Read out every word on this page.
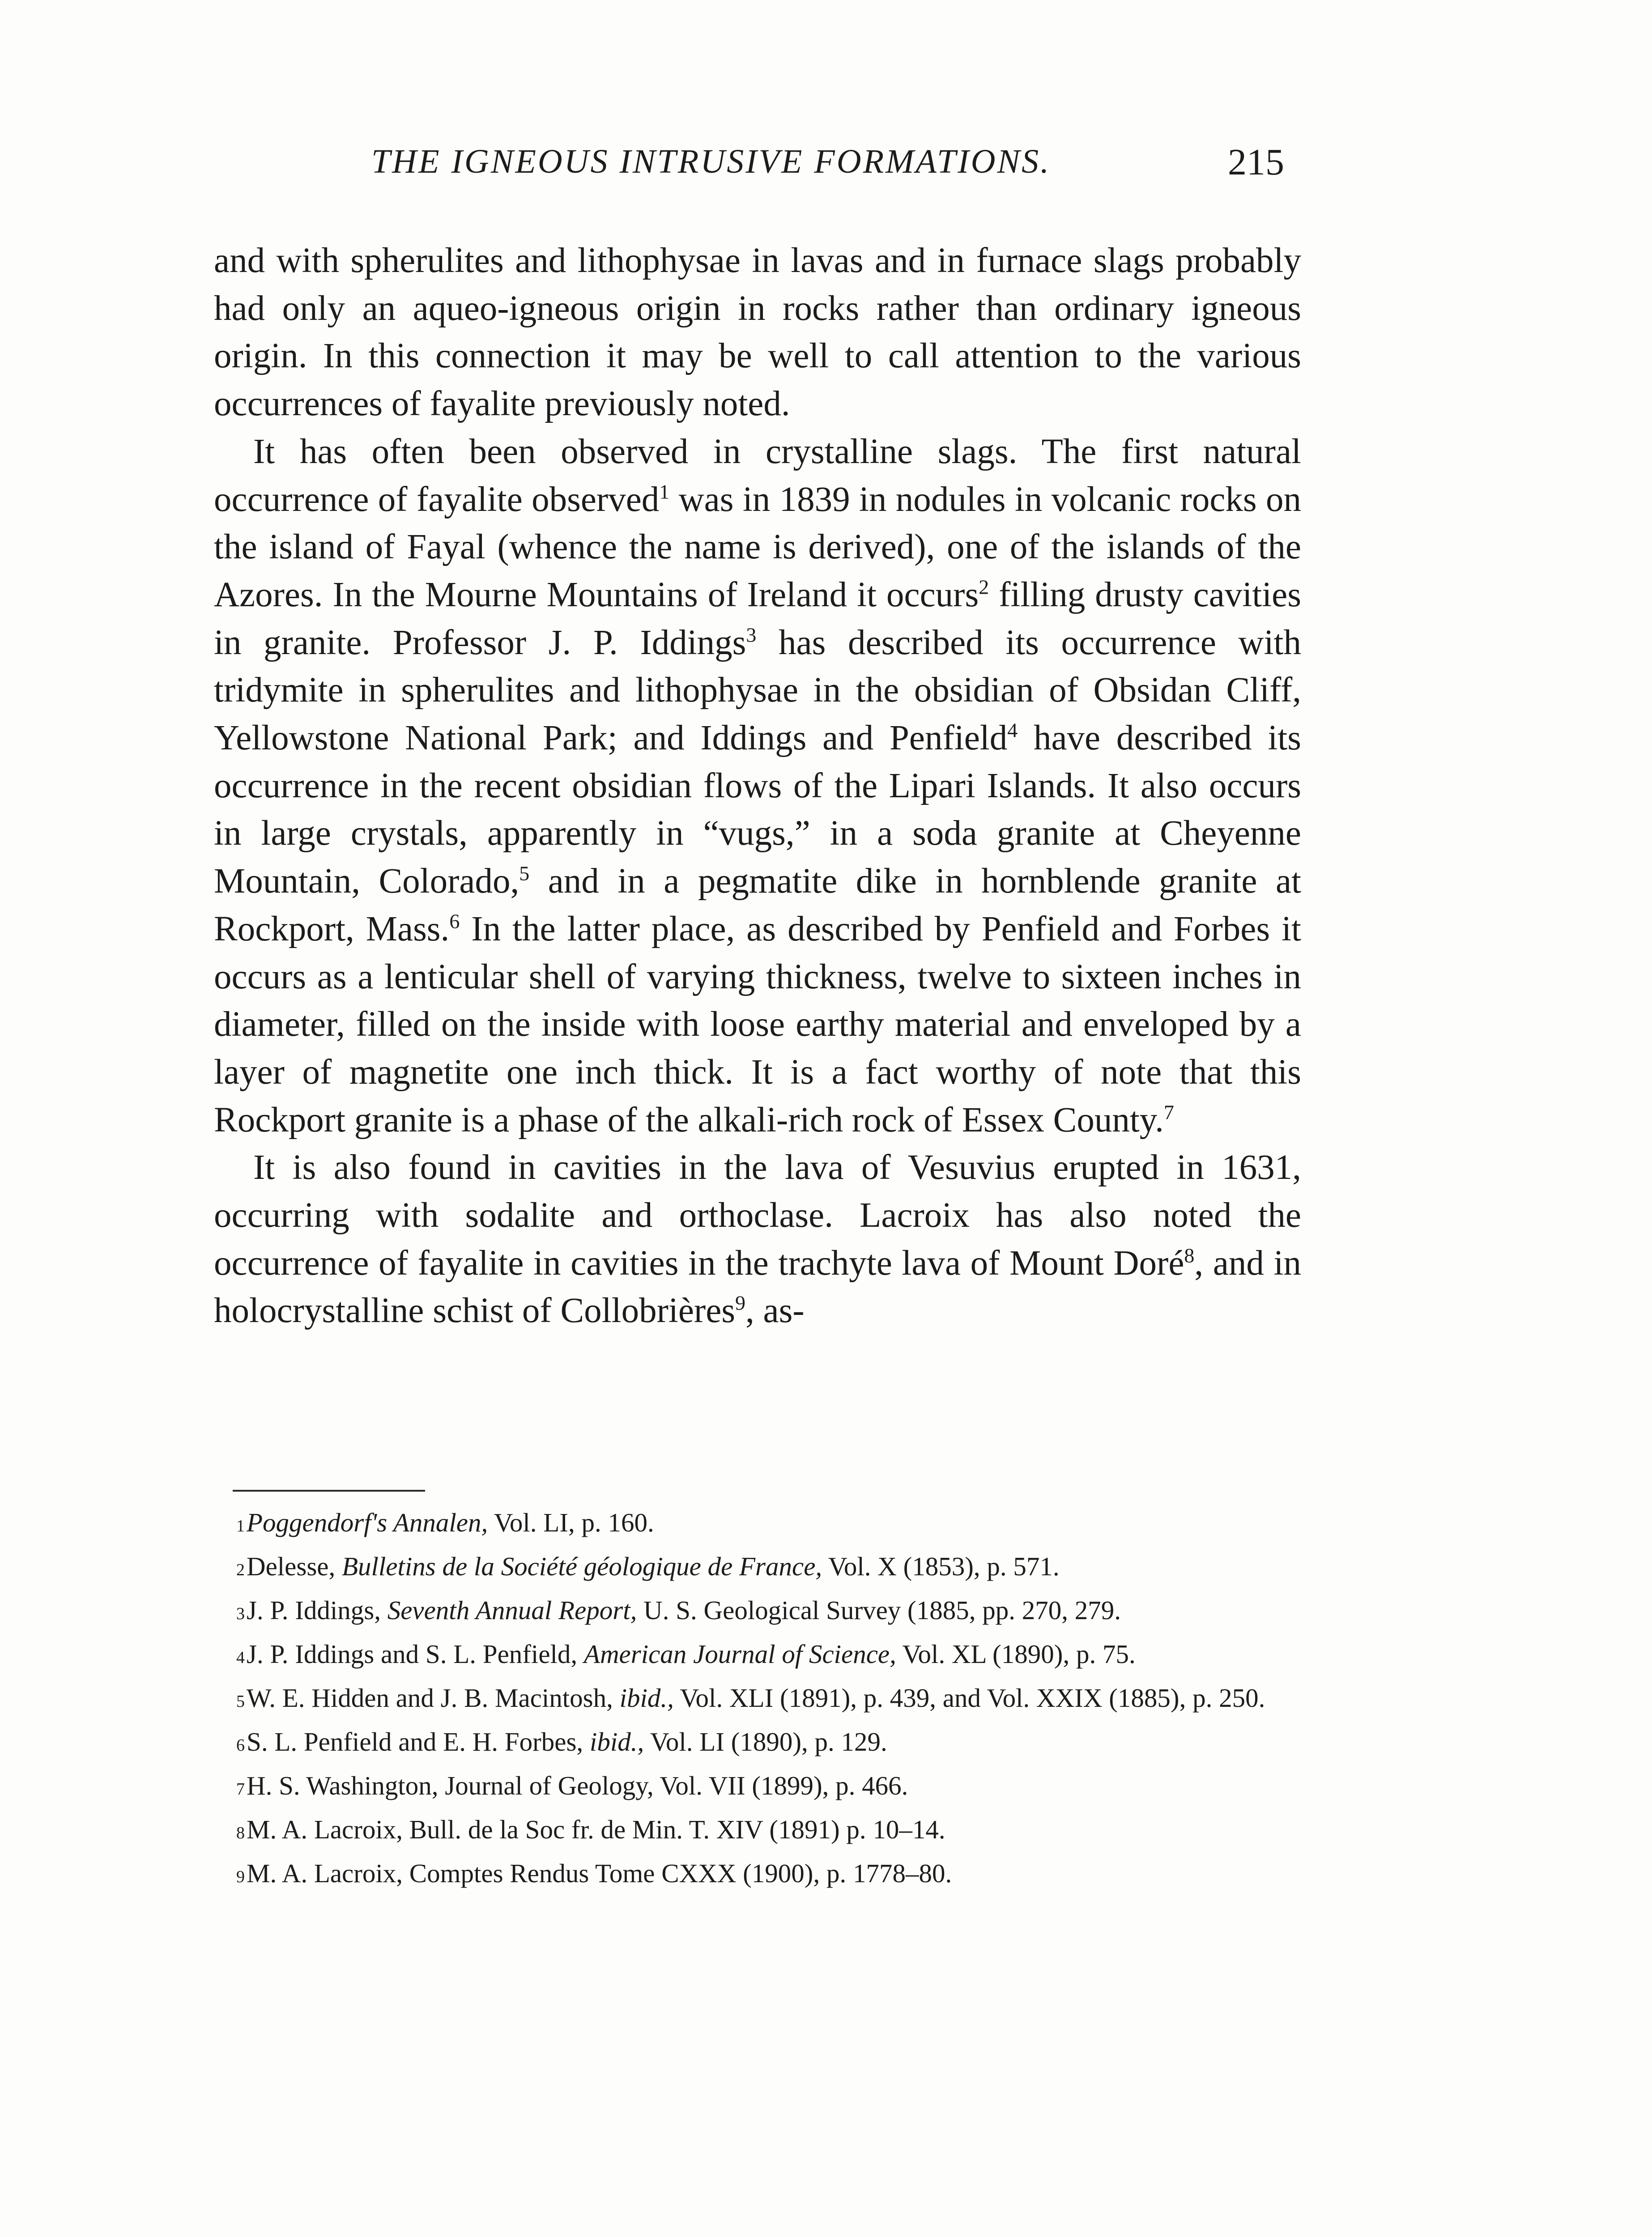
THE IGNEOUS INTRUSIVE FORMATIONS.	215

and with spherulites and lithophysae in lavas and in furnace slags probably had only an aqueo-igneous origin in rocks rather than ordinary igneous origin. In this connection it may be well to call attention to the various occurrences of fayalite previously noted.

It has often been observed in crystalline slags. The first natural occurrence of fayalite observed$^1$ was in 1839 in nodules in volcanic rocks on the island of Fayal (whence the name is derived), one of the islands of the Azores. In the Mourne Mountains of Ireland it occurs$^2$ filling drusty cavities in granite. Professor J. P. Iddings$^3$ has described its occurrence with tridymite in spherulites and lithophysae in the obsidian of Obsidan Cliff, Yellowstone National Park; and Iddings and Penfield$^4$ have described its occurrence in the recent obsidian flows of the Lipari Islands. It also occurs in large crystals, apparently in “vugs,” in a soda granite at Cheyenne Mountain, Colorado,$^5$ and in a pegmatite dike in hornblende granite at Rockport, Mass.$^6$ In the latter place, as described by Penfield and Forbes it occurs as a lenticular shell of varying thickness, twelve to sixteen inches in diameter, filled on the inside with loose earthy material and enveloped by a layer of magnetite one inch thick. It is a fact worthy of note that this Rockport granite is a phase of the alkali-rich rock of Essex County.$^7$

It is also found in cavities in the lava of Vesuvius erupted in 1631, occurring with sodalite and orthoclase. Lacroix has also noted the occurrence of fayalite in cavities in the trachyte lava of Mount Doré$^8$, and in holocrystalline schist of Collobrières$^9$, as-

1Poggendorf's Annalen, Vol. LI, p. 160.

2Delesse, Bulletins de la Société géologique de France, Vol. X (1853), p. 571.

3J. P. Iddings, Seventh Annual Report, U. S. Geological Survey (1885, pp. 270, 279.

4J. P. Iddings and S. L. Penfield, American Journal of Science, Vol. XL (1890), p. 75.

5W. E. Hidden and J. B. Macintosh, ibid., Vol. XLI (1891), p. 439, and Vol. XXIX (1885), p. 250.

6S. L. Penfield and E. H. Forbes, ibid., Vol. LI (1890), p. 129.

7H. S. Washington, Journal of Geology, Vol. VII (1899), p. 466.

8M. A. Lacroix, Bull. de la Soc fr. de Min. T. XIV (1891) p. 10–14.

9M. A. Lacroix, Comptes Rendus Tome CXXX (1900), p. 1778–80.
